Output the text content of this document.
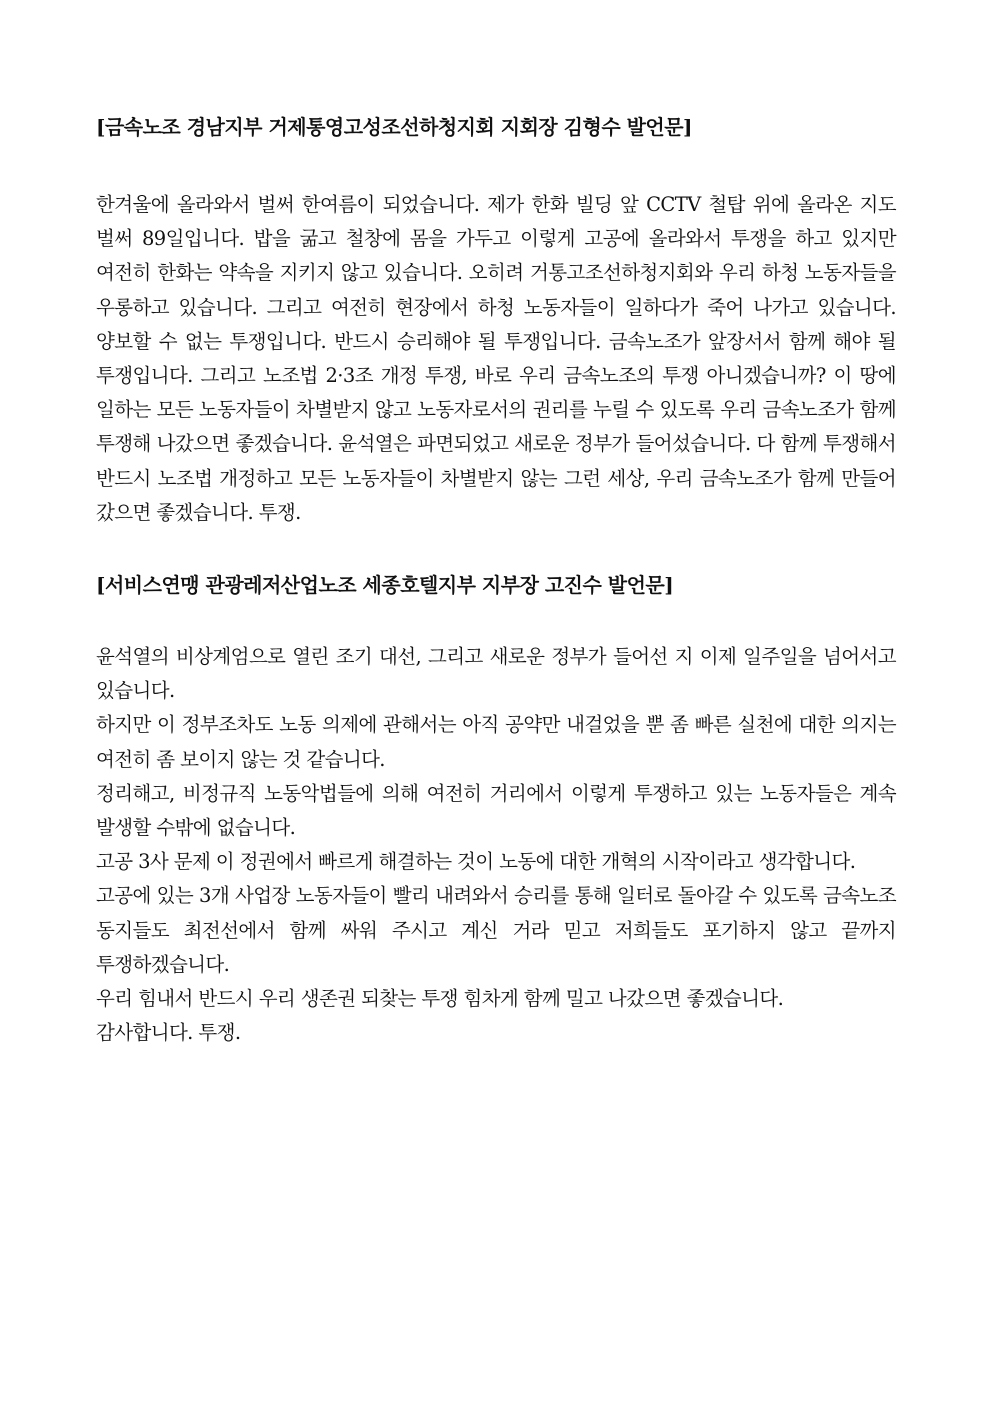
[금속노조 경남지부 거제통영고성조선하청지회 지회장 김형수 발언문]

한겨울에 올라와서 벌써 한여름이 되었습니다. 제가 한화 빌딩 앞 CCTV 철탑 위에 올라온 지도 벌써 89일입니다. 밥을 굶고 철창에 몸을 가두고 이렇게 고공에 올라와서 투쟁을 하고 있지만 여전히 한화는 약속을 지키지 않고 있습니다. 오히려 거통고조선하청지회와 우리 하청 노동자들을 우롱하고 있습니다. 그리고 여전히 현장에서 하청 노동자들이 일하다가 죽어 나가고 있습니다. 양보할 수 없는 투쟁입니다. 반드시 승리해야 될 투쟁입니다. 금속노조가 앞장서서 함께 해야 될 투쟁입니다. 그리고 노조법 2·3조 개정 투쟁, 바로 우리 금속노조의 투쟁 아니겠습니까? 이 땅에 일하는 모든 노동자들이 차별받지 않고 노동자로서의 권리를 누릴 수 있도록 우리 금속노조가 함께 투쟁해 나갔으면 좋겠습니다. 윤석열은 파면되었고 새로운 정부가 들어섰습니다. 다 함께 투쟁해서 반드시 노조법 개정하고 모든 노동자들이 차별받지 않는 그런 세상, 우리 금속노조가 함께 만들어 갔으면 좋겠습니다. 투쟁.

[서비스연맹 관광레저산업노조 세종호텔지부 지부장 고진수 발언문]

윤석열의 비상계엄으로 열린 조기 대선, 그리고 새로운 정부가 들어선 지 이제 일주일을 넘어서고 있습니다.

하지만 이 정부조차도 노동 의제에 관해서는 아직 공약만 내걸었을 뿐 좀 빠른 실천에 대한 의지는 여전히 좀 보이지 않는 것 같습니다.

정리해고, 비정규직 노동악법들에 의해 여전히 거리에서 이렇게 투쟁하고 있는 노동자들은 계속 발생할 수밖에 없습니다.

고공 3사 문제 이 정권에서 빠르게 해결하는 것이 노동에 대한 개혁의 시작이라고 생각합니다.

고공에 있는 3개 사업장 노동자들이 빨리 내려와서 승리를 통해 일터로 돌아갈 수 있도록 금속노조 동지들도 최전선에서 함께 싸워 주시고 계신 거라 믿고 저희들도 포기하지 않고 끝까지 투쟁하겠습니다.

우리 힘내서 반드시 우리 생존권 되찾는 투쟁 힘차게 함께 밀고 나갔으면 좋겠습니다.

감사합니다. 투쟁.
